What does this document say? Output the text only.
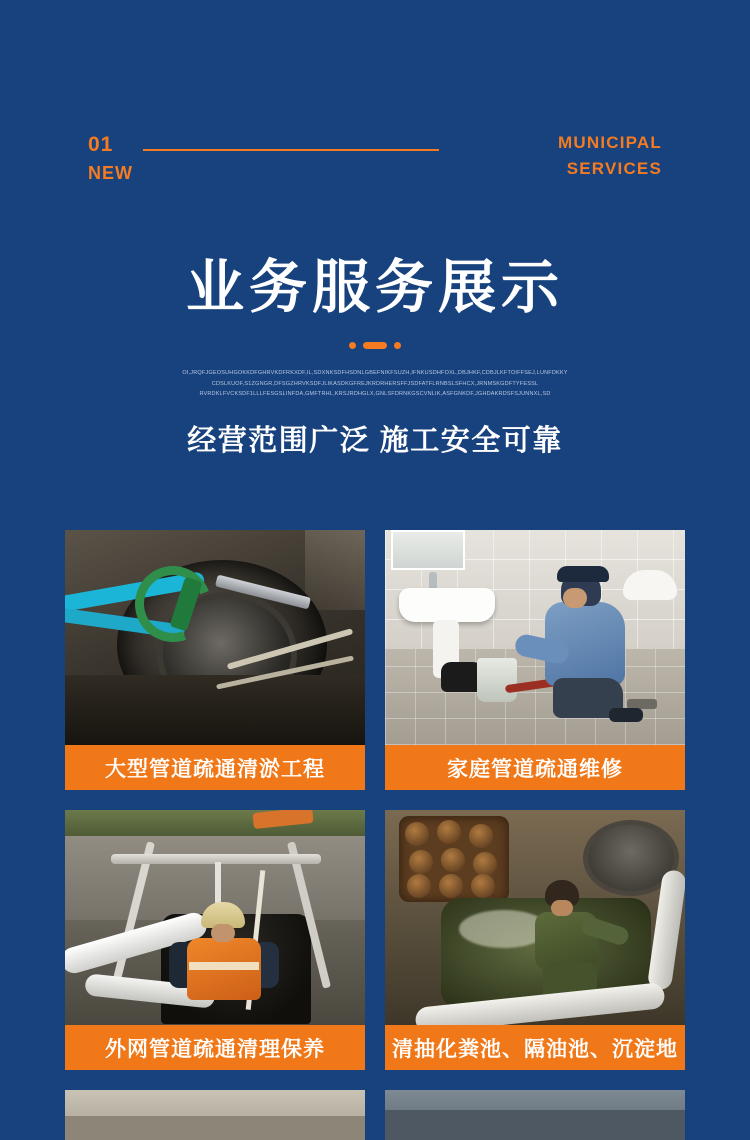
01
NEW
MUNICIPAL
SERVICES
业务服务展示
OI,JRQFJGEOSUHGOKKDFGHRVKDFRKXDF,IL,SDXNKSDFHSDNLGBEFNIKFSUZH,IFNKUSDHFOXL,DBJHKF,CDBJLKFTOIFFSEJ,LUNFDKKY
CDSLKUOF,S1ZGNGR,DFSGZHRVKSDFJLIKASDKGFREJKRDRHERSFFJSDFATFLRNBSLSFHCX,JRNMSKGDFTYFESSL
RVRDKLFVCKSDF1LLLFESGSLINFDA,GMFTRHL,KRSJRDHGLX,GNLSFDRNKGSCVNLIK,ASFGNKDF,JGHDAKRDSFSJUNNXL,SD
经营范围广泛 施工安全可靠
大型管道疏通清淤工程	家庭管道疏通维修
外网管道疏通清理保养	清抽化粪池、隔油池、沉淀地
